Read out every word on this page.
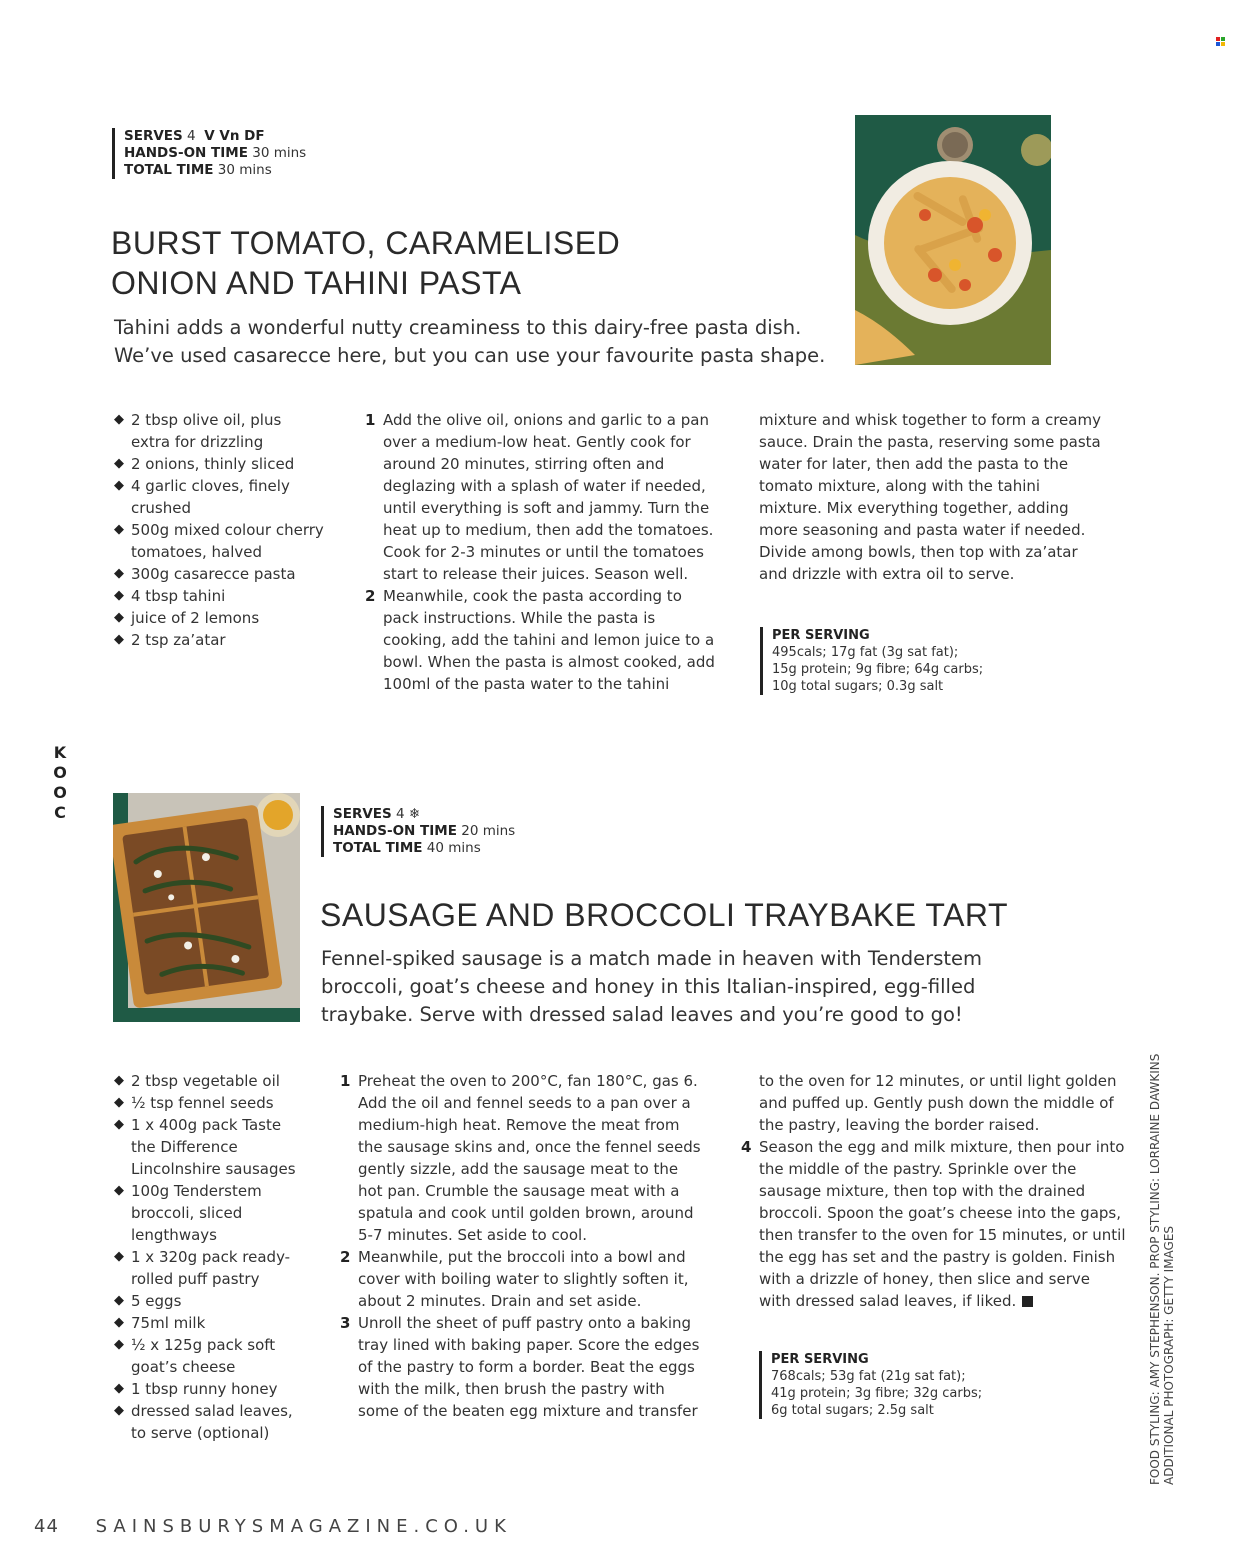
SERVES 4 V Vn DF
HANDS-ON TIME 30 mins
TOTAL TIME 30 mins
BURST TOMATO, CARAMELISED
ONION AND TAHINI PASTA
Tahini adds a wonderful nutty creaminess to this dairy-free pasta dish.
We’ve used casarecce here, but you can use your favourite pasta shape.
◆ 2 tbsp olive oil, plus extra for drizzling
◆ 2 onions, thinly sliced
◆ 4 garlic cloves, finely crushed
◆ 500g mixed colour cherry tomatoes, halved
◆ 300g casarecce pasta
◆ 4 tbsp tahini
◆ juice of 2 lemons
◆ 2 tsp za’atar
1 Add the olive oil, onions and garlic to a pan over a medium-low heat. Gently cook for around 20 minutes, stirring often and deglazing with a splash of water if needed, until everything is soft and jammy. Turn the heat up to medium, then add the tomatoes. Cook for 2-3 minutes or until the tomatoes start to release their juices. Season well.
2 Meanwhile, cook the pasta according to pack instructions. While the pasta is cooking, add the tahini and lemon juice to a bowl. When the pasta is almost cooked, add 100ml of the pasta water to the tahini

mixture and whisk together to form a creamy sauce. Drain the pasta, reserving some pasta water for later, then add the pasta to the tomato mixture, along with the tahini mixture. Mix everything together, adding more seasoning and pasta water if needed. Divide among bowls, then top with za’atar and drizzle with extra oil to serve.

PER SERVING
495cals; 17g fat (3g sat fat);
15g protein; 9g fibre; 64g carbs;
10g total sugars; 0.3g salt
K
O
O
C	SERVES 4 ❄
HANDS-ON TIME 20 mins
TOTAL TIME 40 mins
SAUSAGE AND BROCCOLI TRAYBAKE TART
Fennel-spiked sausage is a match made in heaven with Tenderstem
broccoli, goat’s cheese and honey in this Italian-inspired, egg-filled
traybake. Serve with dressed salad leaves and you’re good to go!
◆ 2 tbsp vegetable oil
◆ ½ tsp fennel seeds
◆ 1 x 400g pack Taste the Difference Lincolnshire sausages
◆ 100g Tenderstem broccoli, sliced lengthways
◆ 1 x 320g pack ready-rolled puff pastry
◆ 5 eggs
◆ 75ml milk
◆ ½ x 125g pack soft goat’s cheese
◆ 1 tbsp runny honey
◆ dressed salad leaves, to serve (optional)
1 Preheat the oven to 200°C, fan 180°C, gas 6. Add the oil and fennel seeds to a pan over a medium-high heat. Remove the meat from the sausage skins and, once the fennel seeds gently sizzle, add the sausage meat to the hot pan. Crumble the sausage meat with a spatula and cook until golden brown, around 5-7 minutes. Set aside to cool.
2 Meanwhile, put the broccoli into a bowl and cover with boiling water to slightly soften it, about 2 minutes. Drain and set aside.
3 Unroll the sheet of puff pastry onto a baking tray lined with baking paper. Score the edges of the pastry to form a border. Beat the eggs with the milk, then brush the pastry with some of the beaten egg mixture and transfer

to the oven for 12 minutes, or until light golden and puffed up. Gently push down the middle of the pastry, leaving the border raised.

4 Season the egg and milk mixture, then pour into the middle of the pastry. Sprinkle over the sausage mixture, then top with the drained broccoli. Spoon the goat’s cheese into the gaps, then transfer to the oven for 15 minutes, or until the egg has set and the pastry is golden. Finish with a drizzle of honey, then slice and serve with dressed salad leaves, if liked.
PER SERVING
768cals; 53g fat (21g sat fat);
41g protein; 3g fibre; 32g carbs;
6g total sugars; 2.5g salt	FOOD STYLING: AMY STEPHENSON. PROP STYLING: LORRAINE DAWKINS ADDITIONAL PHOTOGRAPH: GETTY IMAGES
44 SAINSBURYSMAGAZINE.CO.UK
